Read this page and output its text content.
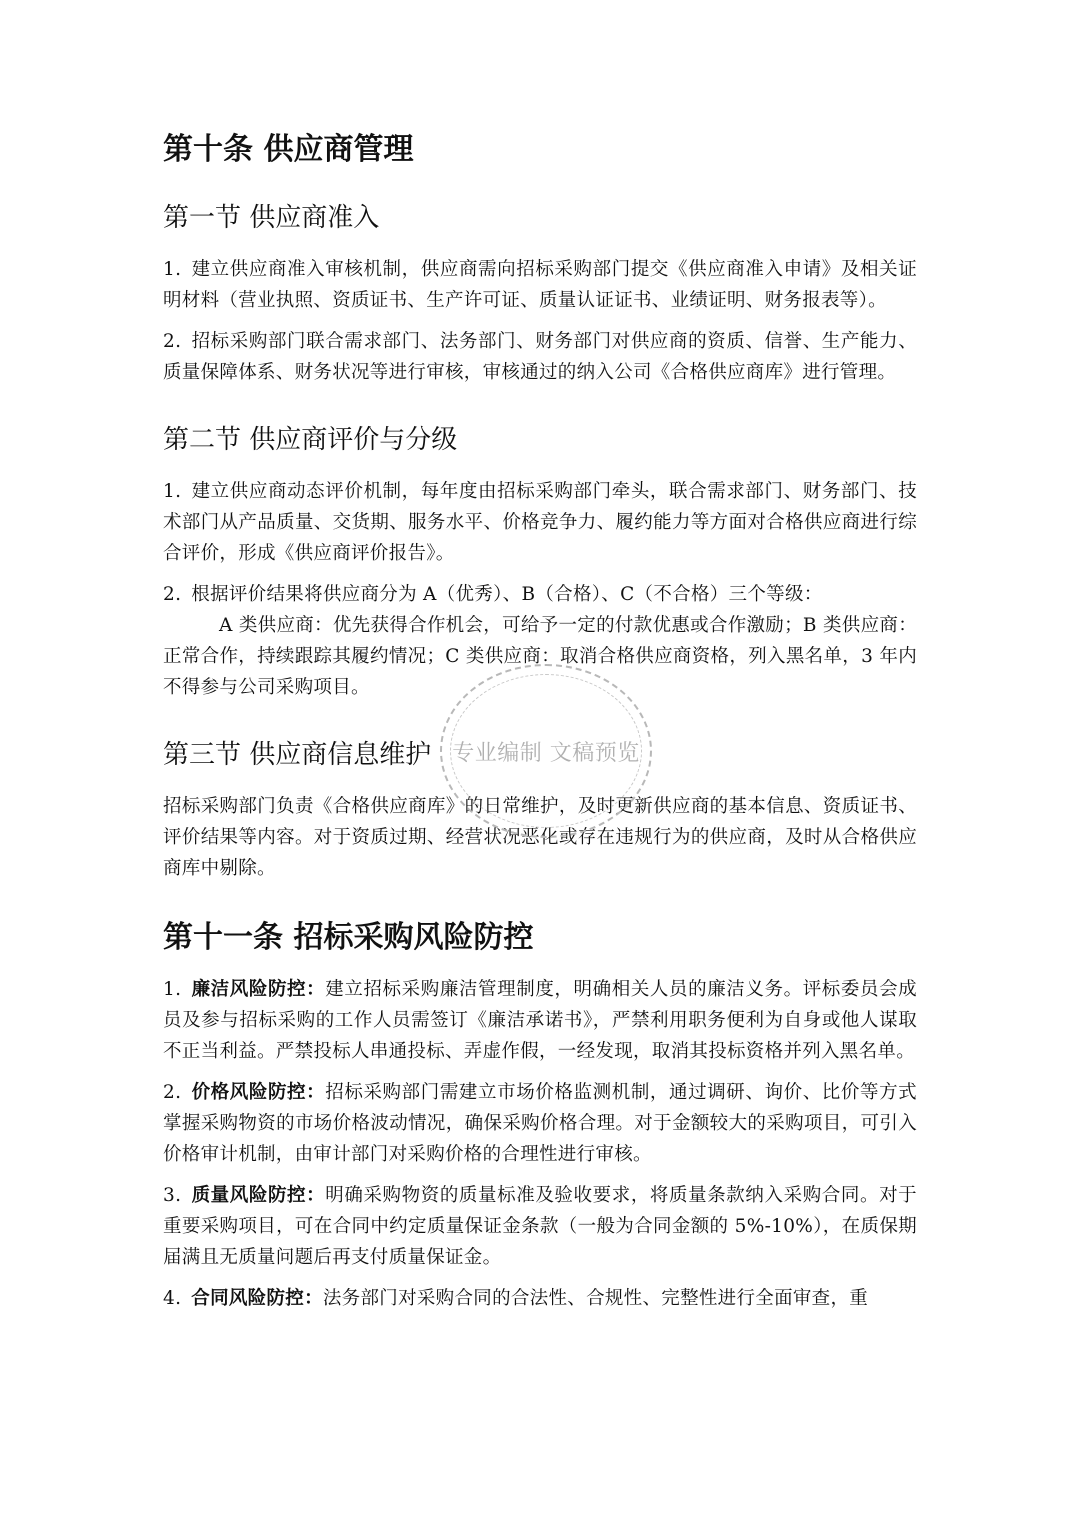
第十条 供应商管理
第一节 供应商准入

1. 建立供应商准入审核机制，供应商需向招标采购部门提交《供应商准入申请》及相关证明材料（营业执照、资质证书、生产许可证、质量认证证书、业绩证明、财务报表等）。

2. 招标采购部门联合需求部门、法务部门、财务部门对供应商的资质、信誉、生产能力、质量保障体系、财务状况等进行审核，审核通过的纳入公司《合格供应商库》进行管理。

第二节 供应商评价与分级

1. 建立供应商动态评价机制，每年度由招标采购部门牵头，联合需求部门、财务部门、技术部门从产品质量、交货期、服务水平、价格竞争力、履约能力等方面对合格供应商进行综合评价，形成《供应商评价报告》。

2. 根据评价结果将供应商分为 A（优秀）、B（合格）、C（不合格）三个等级：

A 类供应商：优先获得合作机会，可给予一定的付款优惠或合作激励；B 类供应商：正常合作，持续跟踪其履约情况；C 类供应商：取消合格供应商资格，列入黑名单，3 年内不得参与公司采购项目。

第三节 供应商信息维护

招标采购部门负责《合格供应商库》的日常维护，及时更新供应商的基本信息、资质证书、评价结果等内容。对于资质过期、经营状况恶化或存在违规行为的供应商，及时从合格供应商库中剔除。

第十一条 招标采购风险防控

1. 廉洁风险防控：建立招标采购廉洁管理制度，明确相关人员的廉洁义务。评标委员会成员及参与招标采购的工作人员需签订《廉洁承诺书》，严禁利用职务便利为自身或他人谋取不正当利益。严禁投标人串通投标、弄虚作假，一经发现，取消其投标资格并列入黑名单。

2. 价格风险防控：招标采购部门需建立市场价格监测机制，通过调研、询价、比价等方式掌握采购物资的市场价格波动情况，确保采购价格合理。对于金额较大的采购项目，可引入价格审计机制，由审计部门对采购价格的合理性进行审核。

3. 质量风险防控：明确采购物资的质量标准及验收要求，将质量条款纳入采购合同。对于重要采购项目，可在合同中约定质量保证金条款（一般为合同金额的 5%-10%），在质保期届满且无质量问题后再支付质量保证金。

4. 合同风险防控：法务部门对采购合同的合法性、合规性、完整性进行全面审查，重

专业编制 文稿预览
